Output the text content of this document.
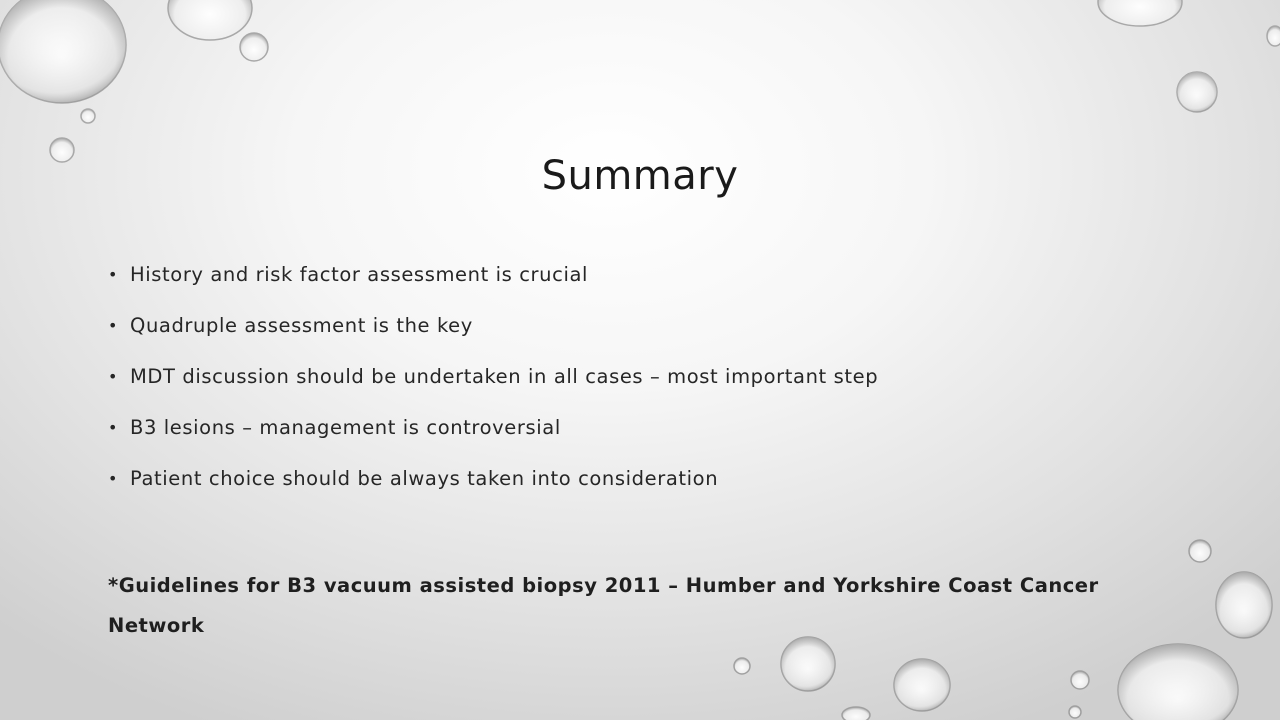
Summary
• History and risk factor assessment is crucial
• Quadruple assessment is the key
• MDT discussion should be undertaken in all cases – most important step
• B3 lesions – management is controversial
• Patient choice should be always taken into consideration
*Guidelines for B3 vacuum assisted biopsy 2011 – Humber and Yorkshire Coast Cancer Network
